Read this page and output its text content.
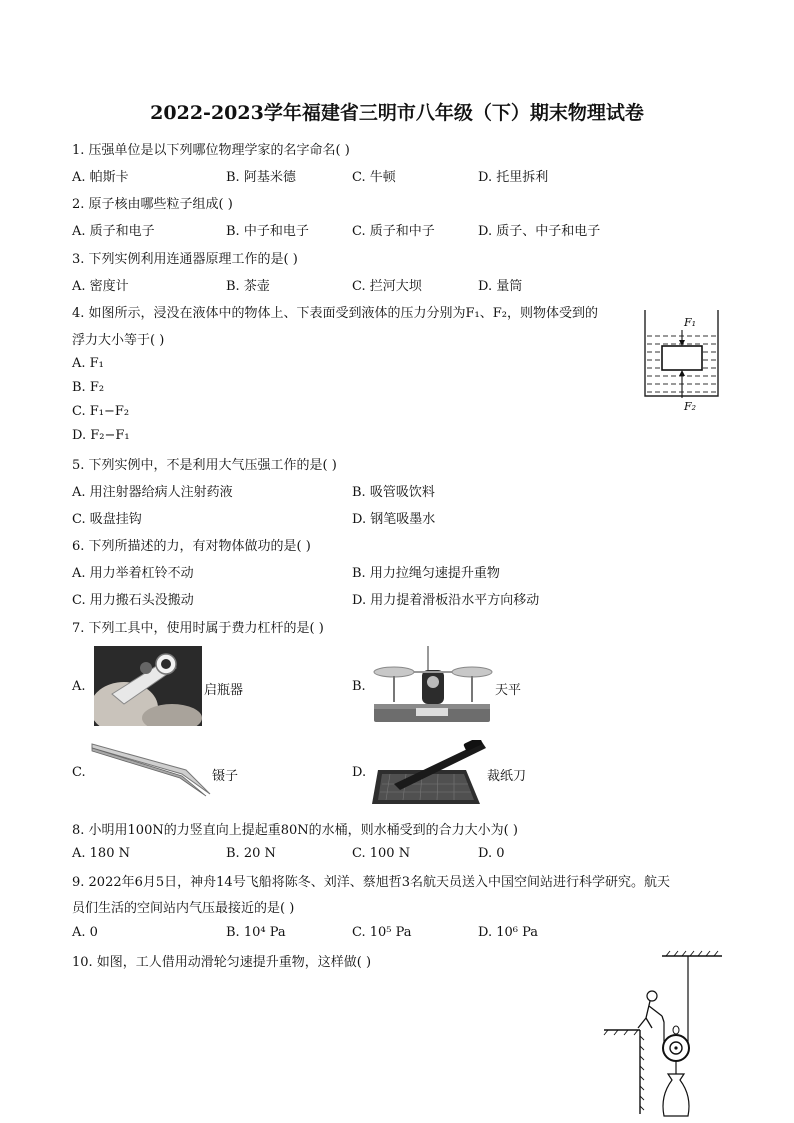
2022-2023学年福建省三明市八年级（下）期末物理试卷
1. 压强单位是以下列哪位物理学家的名字命名( )
A. 帕斯卡	B. 阿基米德	C. 牛顿	D. 托里拆利
2. 原子核由哪些粒子组成( )
A. 质子和电子	B. 中子和电子	C. 质子和中子	D. 质子、中子和电子
3. 下列实例利用连通器原理工作的是( )
A. 密度计	B. 茶壶	C. 拦河大坝	D. 量筒
4. 如图所示，浸没在液体中的物体上、下表面受到液体的压力分别为F₁、F₂，则物体受到的
浮力大小等于( )
A. F₁
B. F₂
C. F₁−F₂
D. F₂−F₁
F₁
F₂
5. 下列实例中，不是利用大气压强工作的是( )
A. 用注射器给病人注射药液	B. 吸管吸饮料
C. 吸盘挂钩	D. 钢笔吸墨水
6. 下列所描述的力，有对物体做功的是( )
A. 用力举着杠铃不动	B. 用力拉绳匀速提升重物
C. 用力搬石头没搬动	D. 用力提着滑板沿水平方向移动
7. 下列工具中，使用时属于费力杠杆的是( )
A.	启瓶器	B.	天平
C.	镊子	D.	裁纸刀
8. 小明用100N的力竖直向上提起重80N的水桶，则水桶受到的合力大小为( )
A. 180 N	B. 20 N	C. 100 N	D. 0
9. 2022年6月5日，神舟14号飞船将陈冬、刘洋、蔡旭哲3名航天员送入中国空间站进行科学研究。航天
员们生活的空间站内气压最接近的是( )
A. 0	B. 10⁴ Pa	C. 10⁵ Pa	D. 10⁶ Pa
10. 如图，工人借用动滑轮匀速提升重物，这样做( )
